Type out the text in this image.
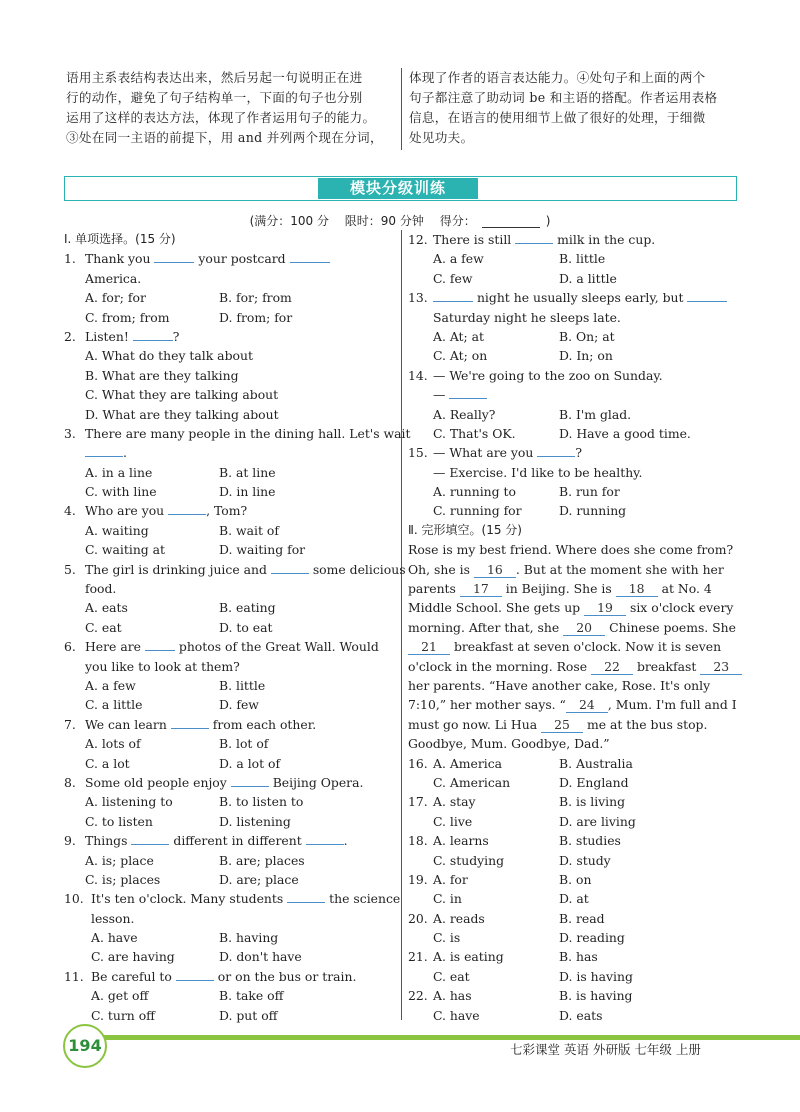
语用主系表结构表达出来，然后另起一句说明正在进

行的动作，避免了句子结构单一，下面的句子也分别

运用了这样的表达方法，体现了作者运用句子的能力。

③处在同一主语的前提下，用 and 并列两个现在分词，

体现了作者的语言表达能力。④处句子和上面的两个

句子都注意了助动词 be 和主语的搭配。作者运用表格

信息，在语言的使用细节上做了很好的处理，于细微

处见功夫。

模块分级训练
(满分：100 分 限时：90 分钟 得分：	)
Ⅰ. 单项选择。(15 分)
1. Thank you	your postcard
America.
A. for; for	B. for; from
C. from; from	D. from; for
2. Listen!	?
A. What do they talk about
B. What are they talking
C. What they are talking about
D. What are they talking about
3. There are many people in the dining hall. Let's wait
.
A. in a line	B. at line
C. with line	D. in line
4. Who are you	, Tom?
A. waiting	B. wait of
C. waiting at	D. waiting for
5. The girl is drinking juice and	some delicious
food.
A. eats	B. eating
C. eat	D. to eat
6. Here are	photos of the Great Wall. Would
you like to look at them?
A. a few	B. little
C. a little	D. few
7. We can learn	from each other.
A. lots of	B. lot of
C. a lot	D. a lot of
8. Some old people enjoy	Beijing Opera.
A. listening to	B. to listen to
C. to listen	D. listening
9. Things	different in different	.
A. is; place	B. are; places
C. is; places	D. are; place
10. It's ten o'clock. Many students	the science
lesson.
A. have	B. having
C. are having	D. don't have
11. Be careful to	or on the bus or train.
A. get off	B. take off
C. turn off	D. put off
12. There is still	milk in the cup.
A. a few	B. little
C. few	D. a little
13.	night he usually sleeps early, but
Saturday night he sleeps late.
A. At; at	B. On; at
C. At; on	D. In; on
14. — We're going to the zoo on Sunday.
—
A. Really?	B. I'm glad.
C. That's OK.	D. Have a good time.
15. — What are you	?
— Exercise. I'd like to be healthy.
A. running to	B. run for
C. running for	D. running
Ⅱ. 完形填空。(15 分)
Rose is my best friend. Where does she come from?
Oh, she is 16 . But at the moment she with her
parents 17 in Beijing. She is 18 at No. 4
Middle School. She gets up 19 six o'clock every
morning. After that, she 20 Chinese poems. She
21 breakfast at seven o'clock. Now it is seven
o'clock in the morning. Rose 22 breakfast 23
her parents. “Have another cake, Rose. It's only
7:10,” her mother says. “ 24 , Mum. I'm full and I
must go now. Li Hua 25 me at the bus stop.
Goodbye, Mum. Goodbye, Dad.”
16. A. America	B. Australia
C. American	D. England
17. A. stay	B. is living
C. live	D. are living
18. A. learns	B. studies
C. studying	D. study
19. A. for	B. on
C. in	D. at
20. A. reads	B. read
C. is	D. reading
21. A. is eating	B. has
C. eat	D. is having
22. A. has	B. is having
C. have	D. eats
194	七彩课堂 英语 外研版 七年级 上册
